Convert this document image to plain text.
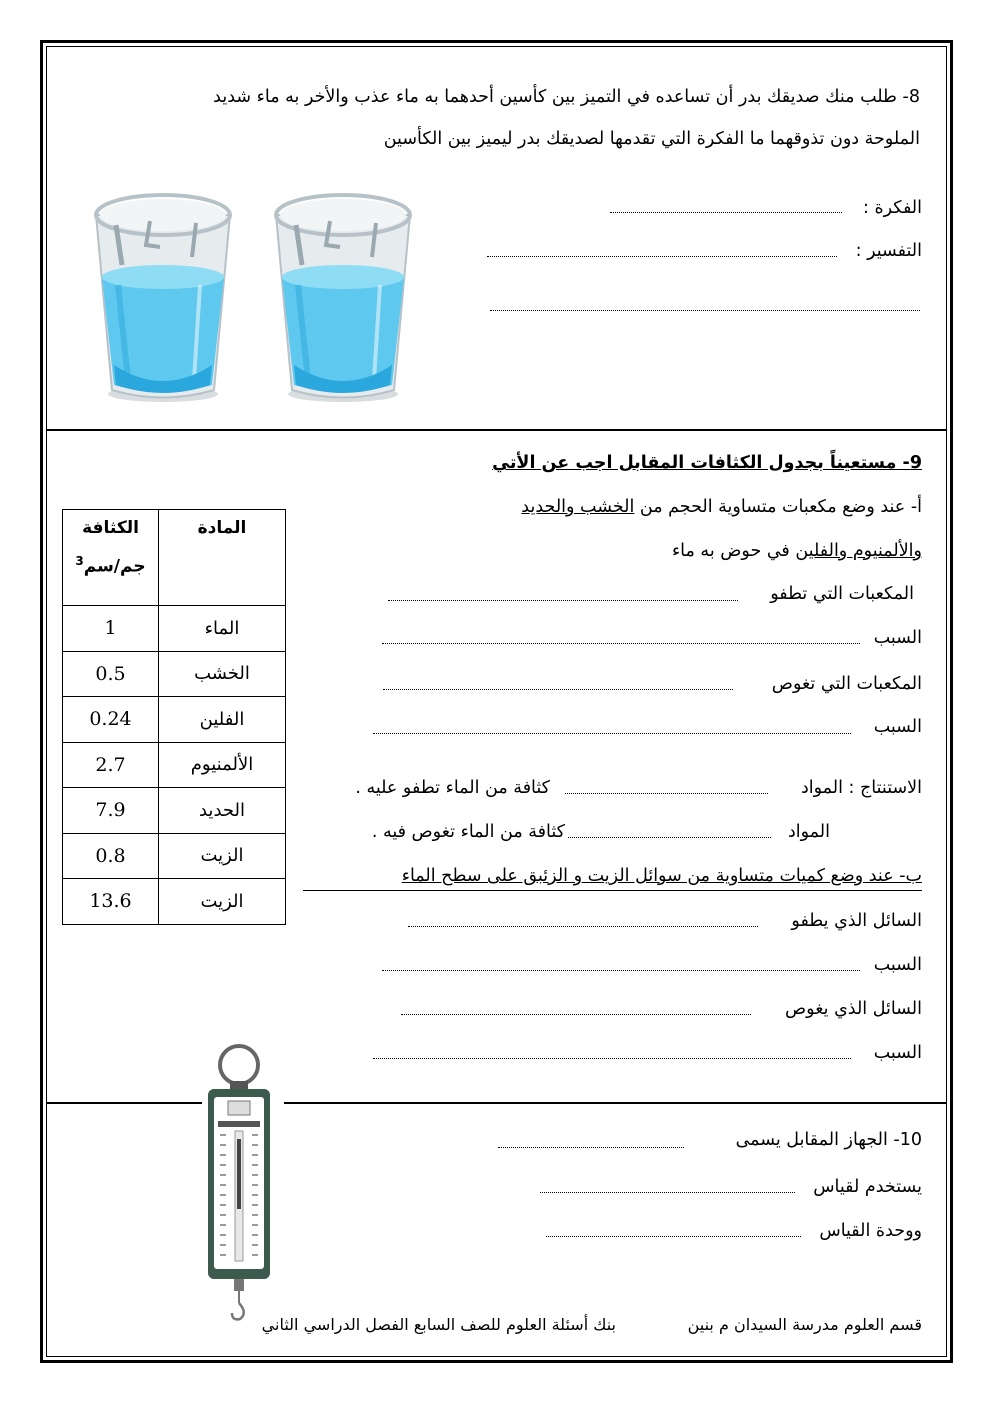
8- طلب منك صديقك بدر أن تساعده في التميز بين كأسين أحدهما به ماء عذب والأخر به ماء شديد
الملوحة دون تذوقهما ما الفكرة التي تقدمها لصديقك بدر ليميز بين الكأسين
الفكرة :
التفسير :
9- مستعيناً بجدول الكثافات المقابل اجب عن الأتي
أ- عند وضع مكعبات متساوية الحجم من الخشب والحديد
والألمنيوم والفلين في حوض به ماء
المكعبات التي تطفو
السبب
المكعبات التي تغوص
السبب
الاستنتاج : المواد
كثافة من الماء تطفو عليه .
المواد
كثافة من الماء تغوص فيه .
ب- عند وضع كميات متساوية من سوائل الزيت و الزئبق على سطح الماء
السائل الذي يطفو
السبب
السائل الذي يغوص
السبب
المادة	الكثافة
جم/سم$^3$

الماء	1
الخشب	0.5
الفلين	0.24
الألمنيوم	2.7
الحديد	7.9
الزيت	0.8
الزيت	13.6
10- الجهاز المقابل يسمى
يستخدم لقياس
ووحدة القياس
قسم العلوم مدرسة السيدان م بنين
بنك أسئلة العلوم للصف السابع الفصل الدراسي الثاني
